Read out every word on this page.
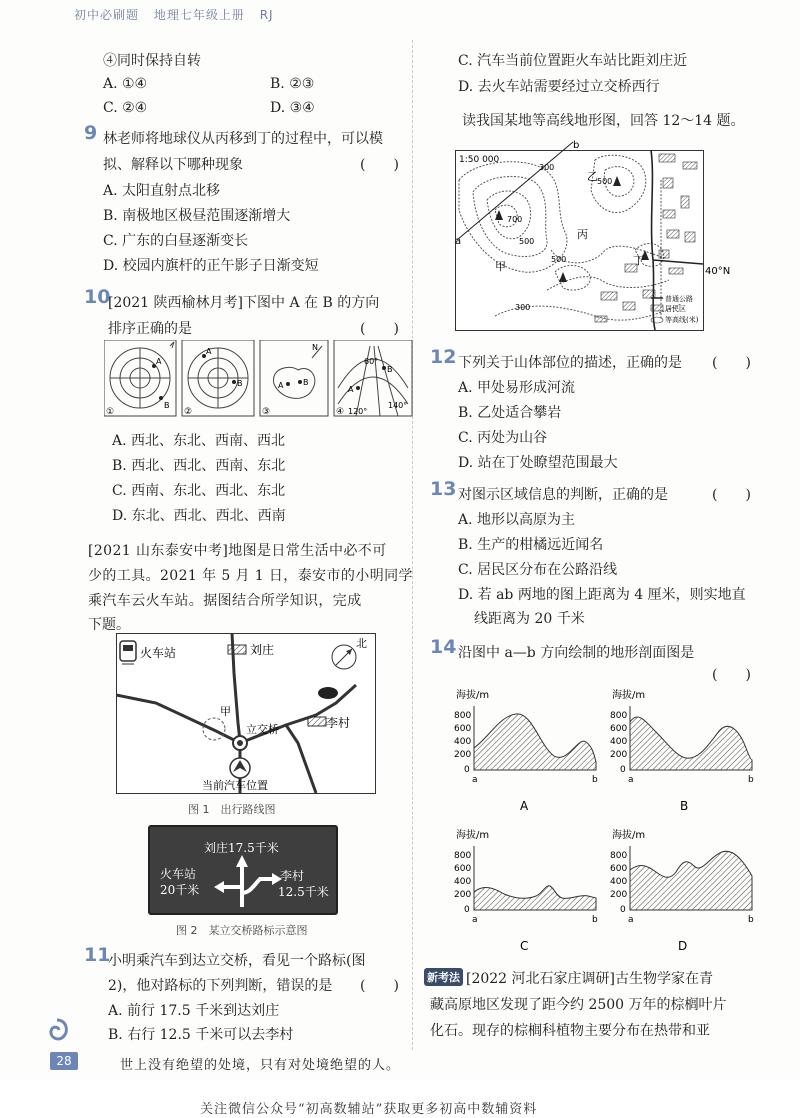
初中必刷题 地理七年级上册 RJ
④同时保持自转
A. ①④	B. ②③
C. ②④	D. ③④
9 林老师将地球仪从丙移到丁的过程中，可以模
拟、解释以下哪种现象	(　　)
A. 太阳直射点北移
B. 南极地区极昼范围逐渐增大
C. 广东的白昼逐渐变长
D. 校园内旗杆的正午影子日渐变短
10
[2021 陕西榆林月考]下图中 A 在 B 的方向
排序正确的是	(　　)
A
B
①
A
B
②
A B
N
③
B
A
60°
120°
140°
④
A. 西北、东北、西南、西北
B. 西北、西北、西南、东北
C. 西南、东北、西北、东北
D. 东北、西北、西北、西南
[2021 山东泰安中考]地图是日常生活中必不可
少的工具。2021 年 5 月 1 日，泰安市的小明同学
乘汽车云火车站。据图结合所学知识，完成
下题。
火车站	刘庄
李村
甲
立交桥
当前汽车位置
北
图 1　出行路线图
刘庄17.5千米
火车站
20千米
李村
12.5千米
图 2　某立交桥路标示意图
11
小明乘汽车到达立交桥，看见一个路标(图
2)，他对路标的下列判断，错误的是 (　　)
A. 前行 17.5 千米到达刘庄
B. 右行 12.5 千米可以去李村
C. 汽车当前位置距火车站比距刘庄近
D. 去火车站需要经过立交桥西行
读我国某地等高线地形图，回答 12～14 题。
1:50 000
a
b
甲
乙
丙
丁
40°N
300
500
700
500
300
500
普通公路
居民区
等高线(米)
12 下列关于山体部位的描述，正确的是 (　　)
A. 甲处易形成河流
B. 乙处适合攀岩
C. 丙处为山谷
D. 站在丁处瞭望范围最大
13 对图示区域信息的判断，正确的是	(　　)
A. 地形以高原为主
B. 生产的柑橘远近闻名
C. 居民区分布在公路沿线
D. 若 ab 两地的图上距离为 4 厘米，则实地直
线距离为 20 千米
14 沿图中 a—b 方向绘制的地形剖面图是
(　　)
海拔/m
800
600
400
200
0
a	b
A
海拔/m
800
600
400
200
0
a	b
B
海拔/m
800
600
400
200
0
a	b
C
海拔/m
800
600
400
200
0
a	b
D
新考法 [2022 河北石家庄调研]古生物学家在青
藏高原地区发现了距今约 2500 万年的棕榈叶片
化石。现存的棕榈科植物主要分布在热带和亚
28	世上没有绝望的处境，只有对处境绝望的人。
关注微信公众号“初高数辅站”获取更多初高中数辅资料
